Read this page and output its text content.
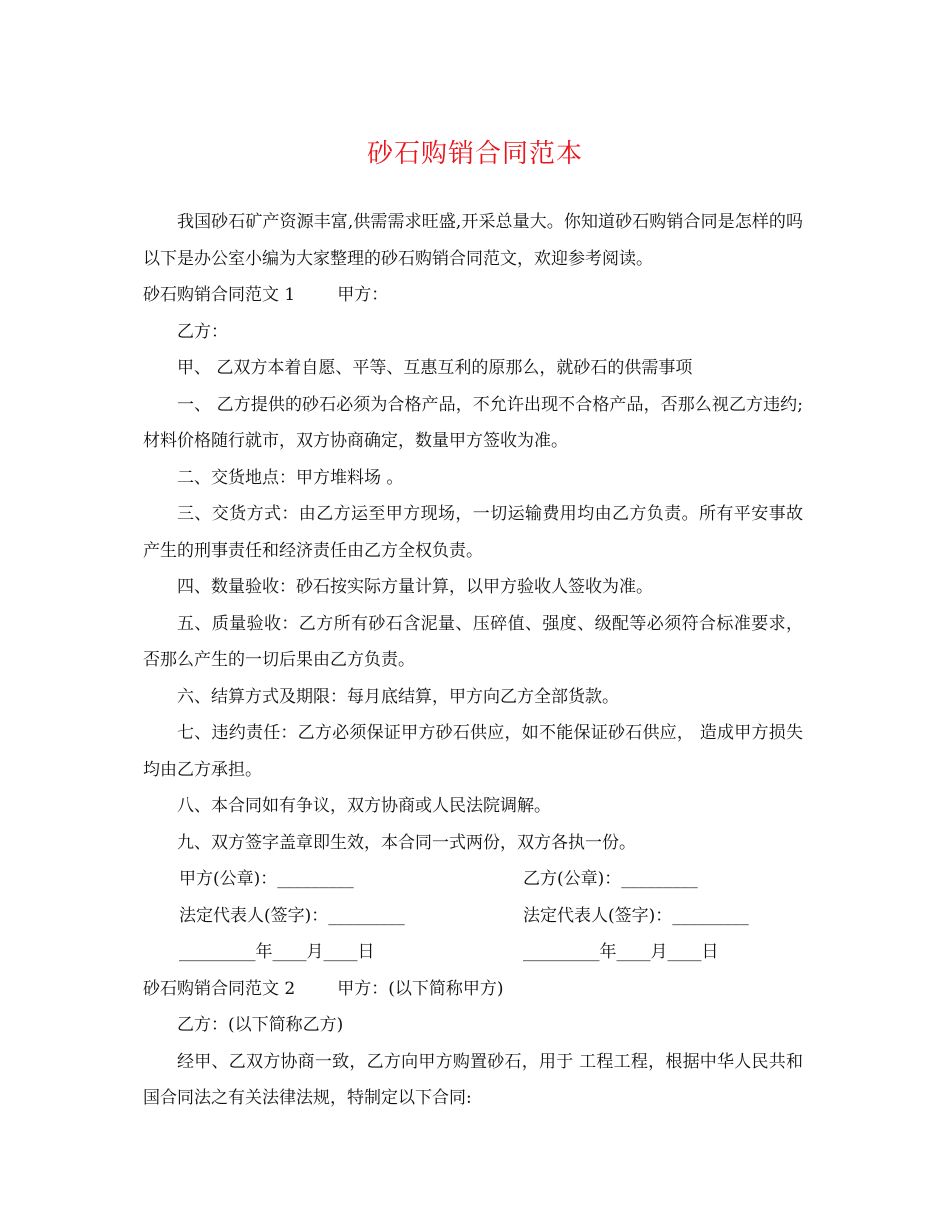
砂石购销合同范本

我国砂石矿产资源丰富,供需需求旺盛,开采总量大。你知道砂石购销合同是怎样的吗以下是办公室小编为大家整理的砂石购销合同范文，欢迎参考阅读。

砂石购销合同范文 1 甲方：

乙方：

甲、 乙双方本着自愿、平等、互惠互利的原那么，就砂石的供需事项

一、 乙方提供的砂石必须为合格产品，不允许出现不合格产品，否那么视乙方违约;材料价格随行就市，双方协商确定，数量甲方签收为准。

二、交货地点：甲方堆料场 。

三、交货方式：由乙方运至甲方现场，一切运输费用均由乙方负责。所有平安事故产生的刑事责任和经济责任由乙方全权负责。

四、数量验收：砂石按实际方量计算，以甲方验收人签收为准。

五、质量验收：乙方所有砂石含泥量、压碎值、强度、级配等必须符合标准要求，否那么产生的一切后果由乙方负责。

六、结算方式及期限：每月底结算，甲方向乙方全部货款。

七、违约责任：乙方必须保证甲方砂石供应，如不能保证砂石供应， 造成甲方损失均由乙方承担。

八、本合同如有争议，双方协商或人民法院调解。

九、双方签字盖章即生效，本合同一式两份，双方各执一份。

甲方(公章)：_________	乙方(公章)：_________
法定代表人(签字)：_________	法定代表人(签字)：_________
_________年____月____日	_________年____月____日

砂石购销合同范文 2 甲方：(以下简称甲方)

乙方：(以下简称乙方)

经甲、乙双方协商一致，乙方向甲方购置砂石，用于 工程工程，根据中华人民共和国合同法之有关法律法规，特制定以下合同:
